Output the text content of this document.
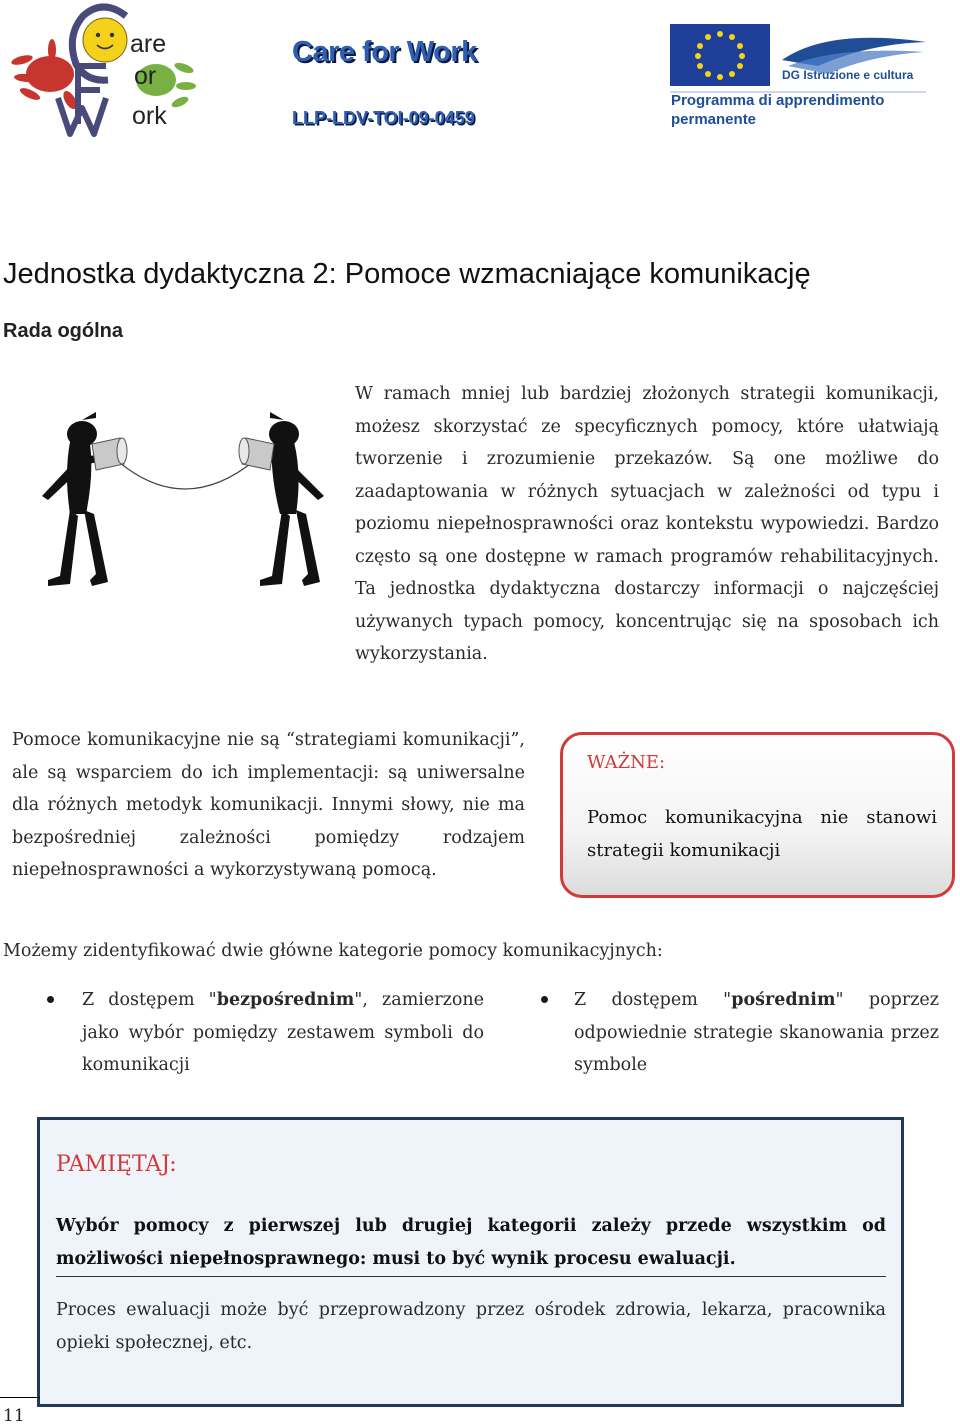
are
or
ork
Care for Work
LLP-LDV-TOI-09-0459
DG Istruzione e cultura
Programma di apprendimento
permanente
Jednostka dydaktyczna 2: Pomoce wzmacniające komunikację
Rada ogólna
W ramach mniej lub bardziej złożonych strategii komunikacji, możesz skorzystać ze specyficznych pomocy, które ułatwiają tworzenie i zrozumienie przekazów. Są one możliwe do zaadaptowania w różnych sytuacjach w zależności od typu i poziomu niepełnosprawności oraz kontekstu wypowiedzi. Bardzo często są one dostępne w ramach programów rehabilitacyjnych. Ta jednostka dydaktyczna dostarczy informacji o najczęściej używanych typach pomocy, koncentrując się na sposobach ich wykorzystania.
Pomoce komunikacyjne nie są “strategiami komunikacji”, ale są wsparciem do ich implementacji: są uniwersalne dla różnych metodyk komunikacji. Innymi słowy, nie ma bezpośredniej zależności pomiędzy rodzajem niepełnosprawności a wykorzystywaną pomocą.
WAŻNE:
Pomoc komunikacyjna nie stanowi strategii komunikacji
Możemy zidentyfikować dwie główne kategorie pomocy komunikacyjnych:
Z dostępem "bezpośrednim", zamierzone jako wybór pomiędzy zestawem symboli do komunikacji
Z dostępem "pośrednim" poprzez odpowiednie strategie skanowania przez symbole
PAMIĘTAJ:
Wybór pomocy z pierwszej lub drugiej kategorii zależy przede wszystkim od możliwości niepełnosprawnego: musi to być wynik procesu ewaluacji.
Proces ewaluacji może być przeprowadzony przez ośrodek zdrowia, lekarza, pracownika opieki społecznej, etc.
11
